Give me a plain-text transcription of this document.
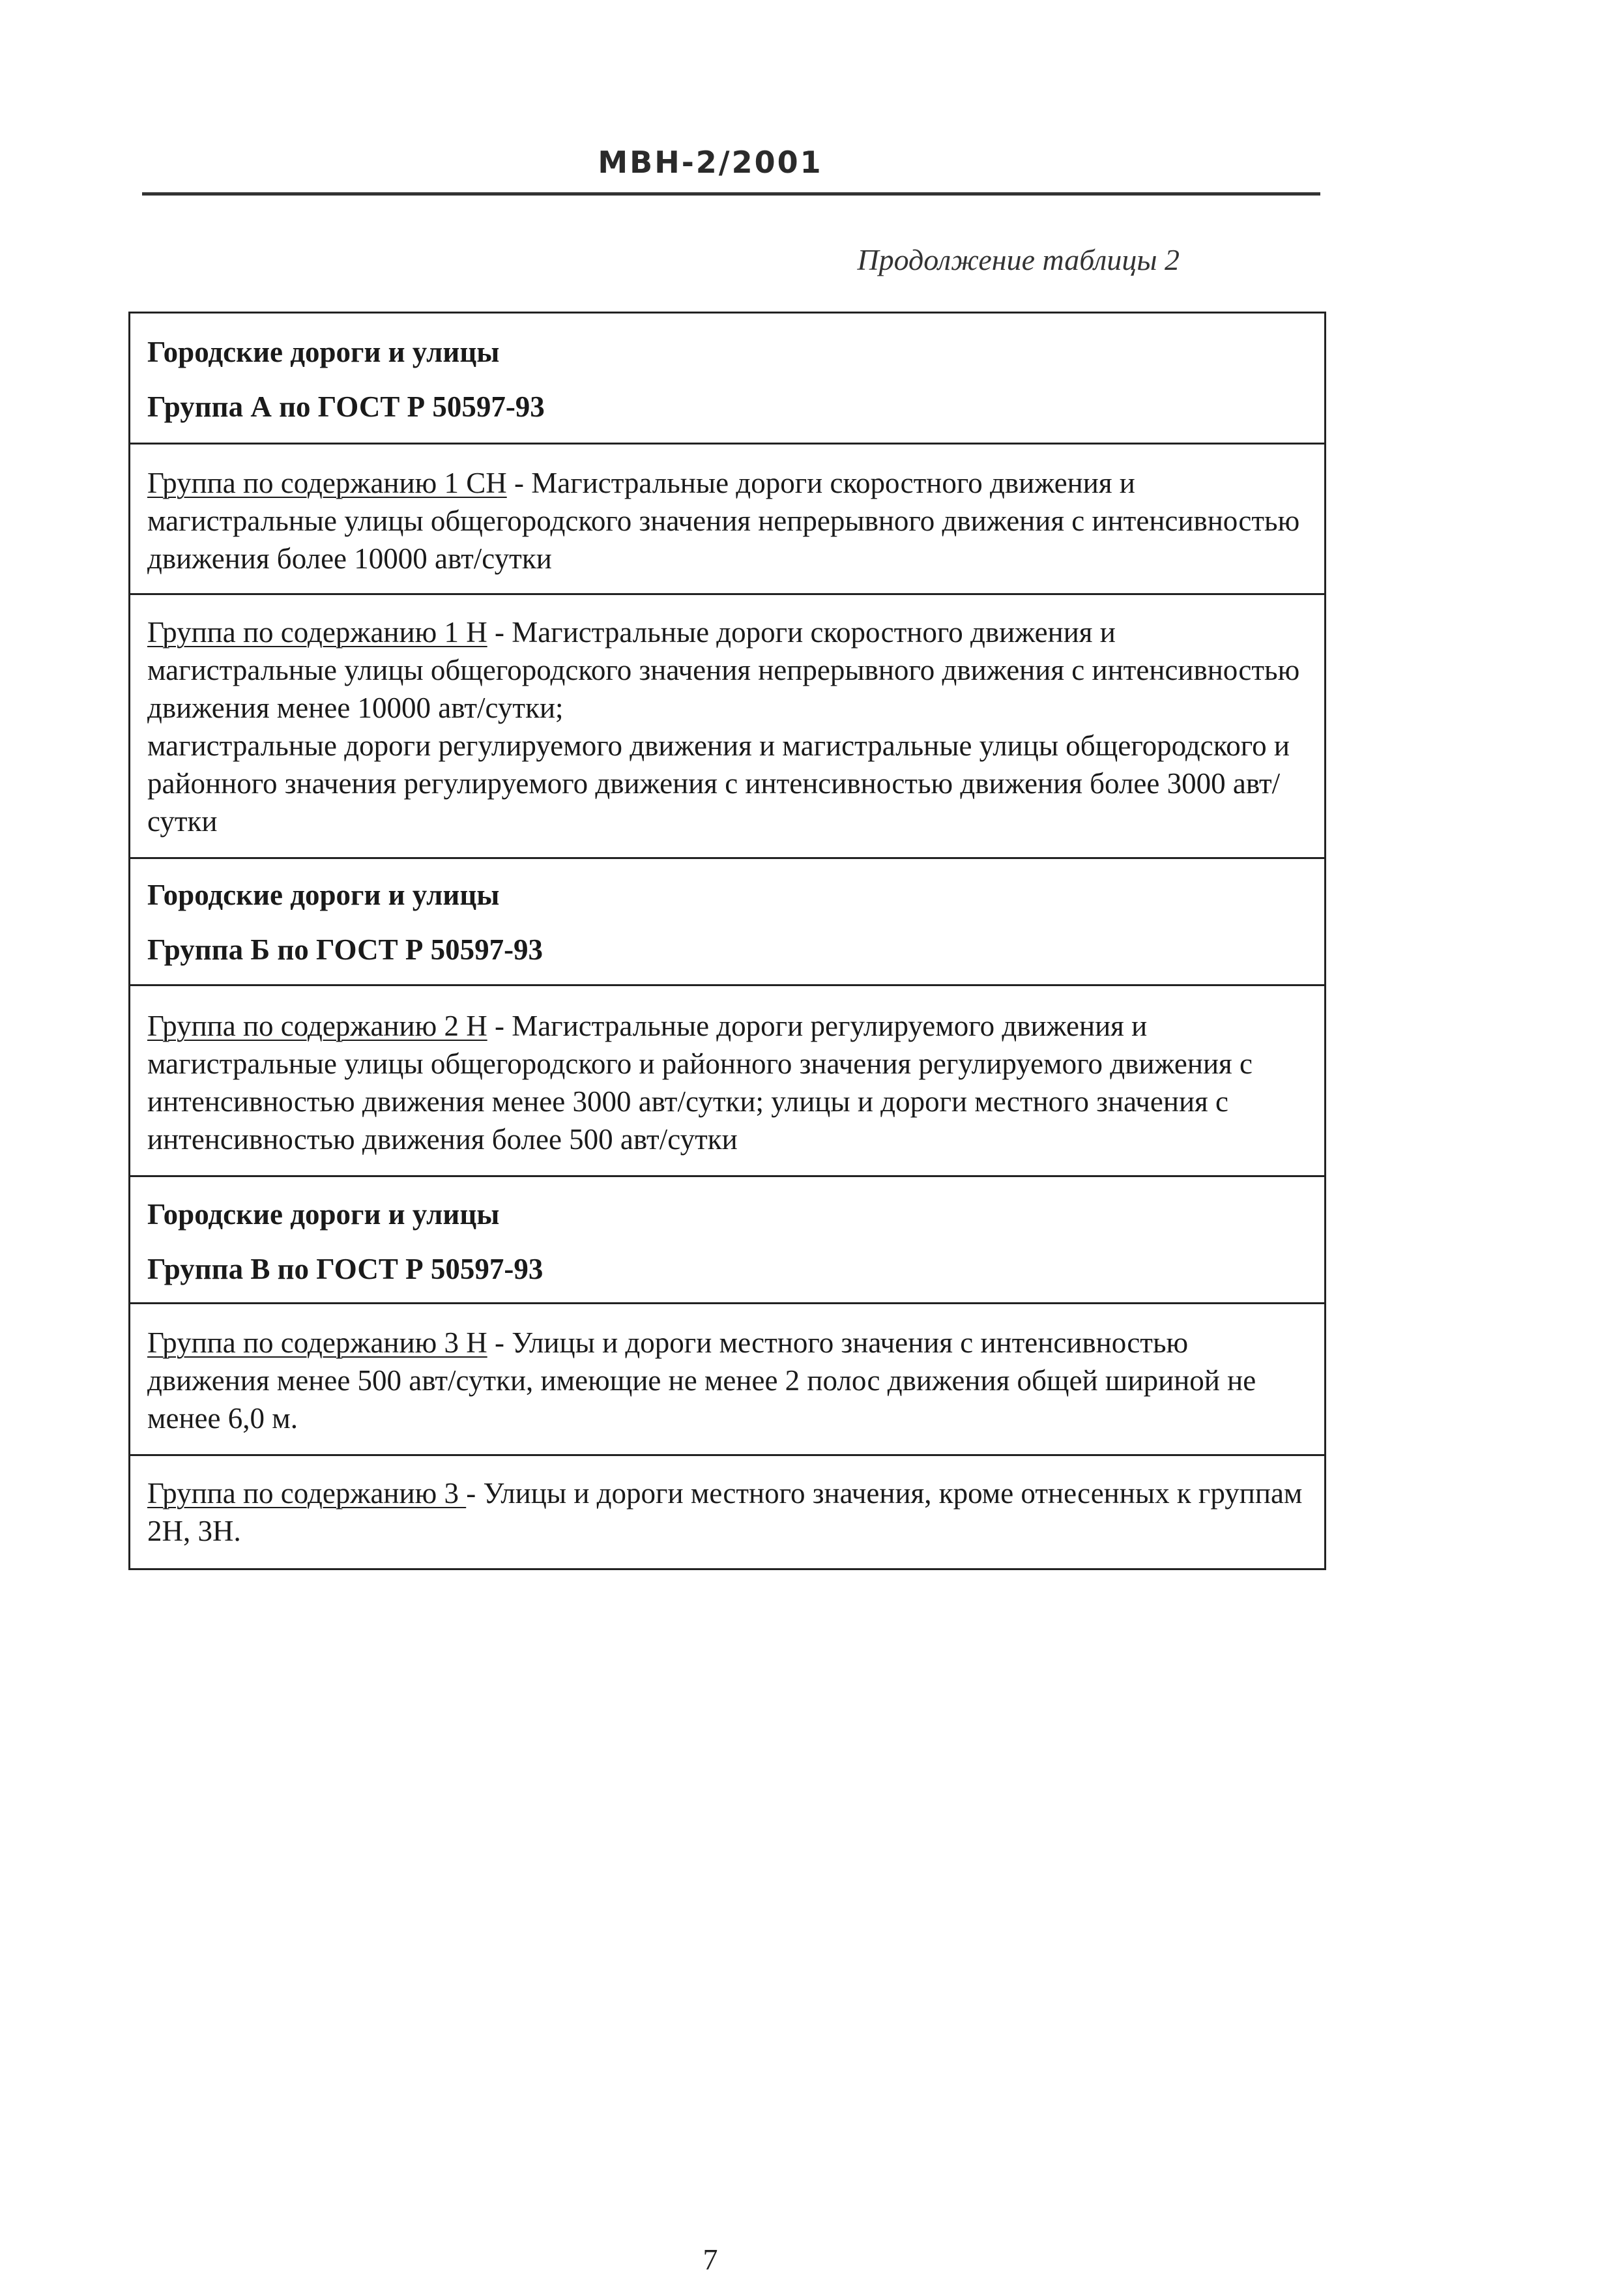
МВН-2/2001
Продолжение таблицы 2
Городские дороги и улицы
Группа А по ГОСТ Р 50597-93

Группа по содержанию 1 СН - Магистральные дороги скоростного движения и магистральные улицы общегородского значения непрерывного движения с интенсивностью движения более 10000 авт/сутки

Группа по содержанию 1 Н - Магистральные дороги скоростного движения и магистральные улицы общегородского значения непрерывного движения с интенсивностью движения менее 10000 авт/сутки;

магистральные дороги регулируемого движения и магистральные улицы общегородского и районного значения регулируемого движения с интенсивностью движения более 3000 авт/сутки

Городские дороги и улицы
Группа Б по ГОСТ Р 50597-93

Группа по содержанию 2 Н - Магистральные дороги регулируемого движения и магистральные улицы общегородского и районного значения регулируемого движения с интенсивностью движения менее 3000 авт/сутки; улицы и дороги местного значения с интенсивностью движения более 500 авт/сутки

Городские дороги и улицы
Группа В по ГОСТ Р 50597-93

Группа по содержанию 3 Н - Улицы и дороги местного значения с интенсивностью движения менее 500 авт/сутки, имеющие не менее 2 полос движения общей шириной не менее 6,0 м.

Группа по содержанию 3 - Улицы и дороги местного значения, кроме отнесенных к группам 2Н, 3Н.

7
